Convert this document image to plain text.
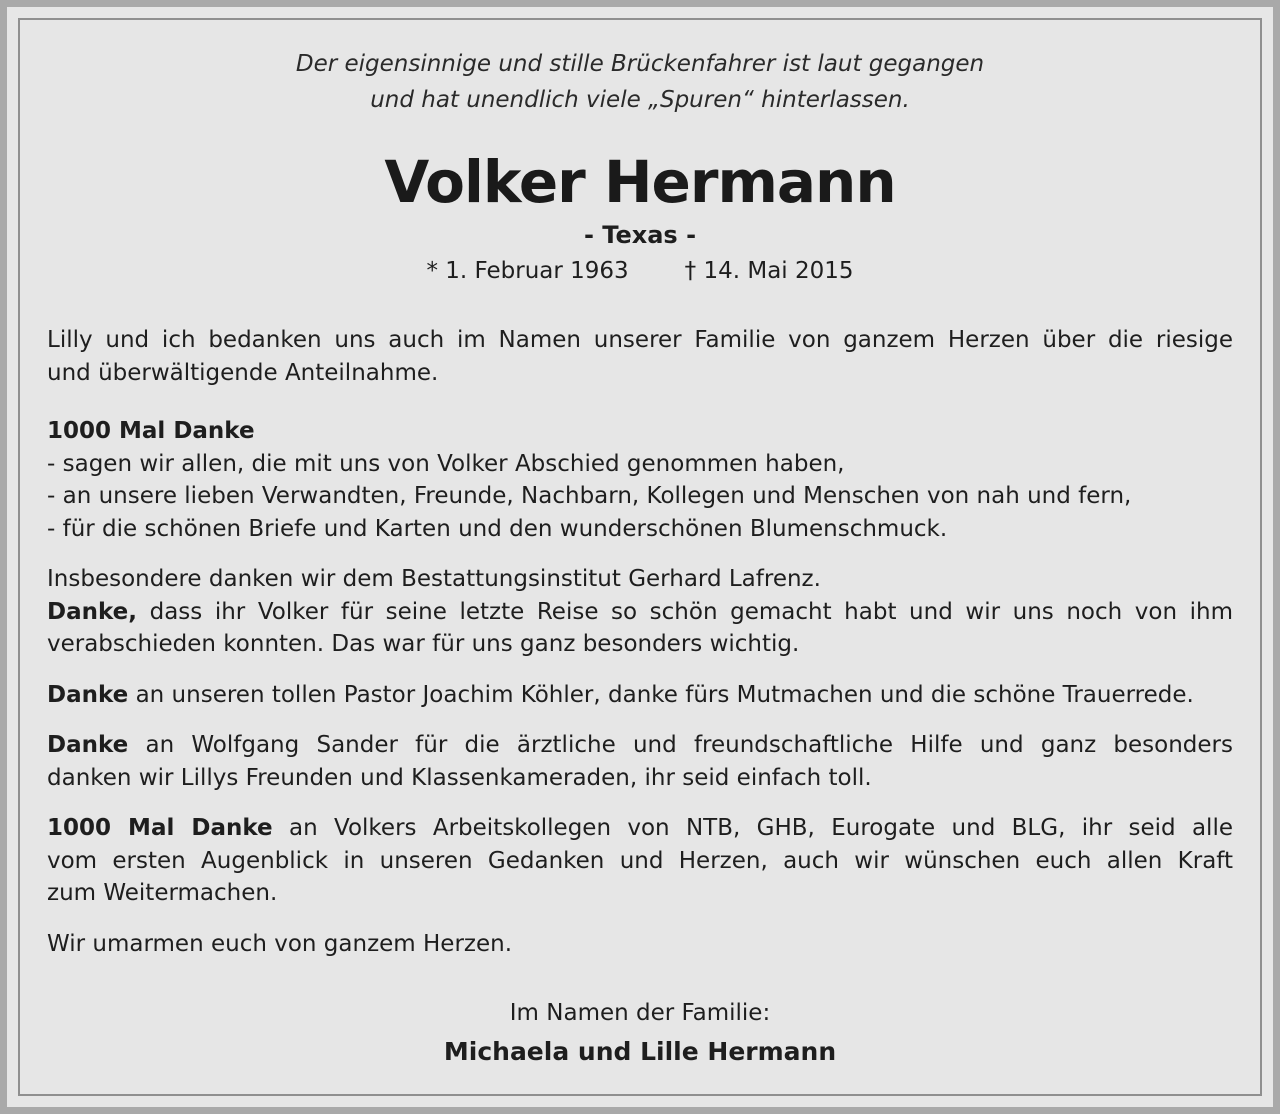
Der eigensinnige und stille Brückenfahrer ist laut gegangen
und hat unendlich viele „Spuren“ hinterlassen.
Volker Hermann
- Texas -
* 1. Februar 1963 † 14. Mai 2015

Lilly und ich bedanken uns auch im Namen unserer Familie von ganzem Herzen über die riesige
und überwältigende Anteilnahme.

1000 Mal Danke
- sagen wir allen, die mit uns von Volker Abschied genommen haben,
- an unsere lieben Verwandten, Freunde, Nachbarn, Kollegen und Menschen von nah und fern,
- für die schönen Briefe und Karten und den wunderschönen Blumenschmuck.

Insbesondere danken wir dem Bestattungsinstitut Gerhard Lafrenz.
Danke, dass ihr Volker für seine letzte Reise so schön gemacht habt und wir uns noch von ihm
verabschieden konnten. Das war für uns ganz besonders wichtig.

Danke an unseren tollen Pastor Joachim Köhler, danke fürs Mutmachen und die schöne Trauerrede.

Danke an Wolfgang Sander für die ärztliche und freundschaftliche Hilfe und ganz besonders
danken wir Lillys Freunden und Klassenkameraden, ihr seid einfach toll.

1000 Mal Danke an Volkers Arbeitskollegen von NTB, GHB, Eurogate und BLG, ihr seid alle
vom ersten Augenblick in unseren Gedanken und Herzen, auch wir wünschen euch allen Kraft
zum Weitermachen.

Wir umarmen euch von ganzem Herzen.

Im Namen der Familie:
Michaela und Lille Hermann
